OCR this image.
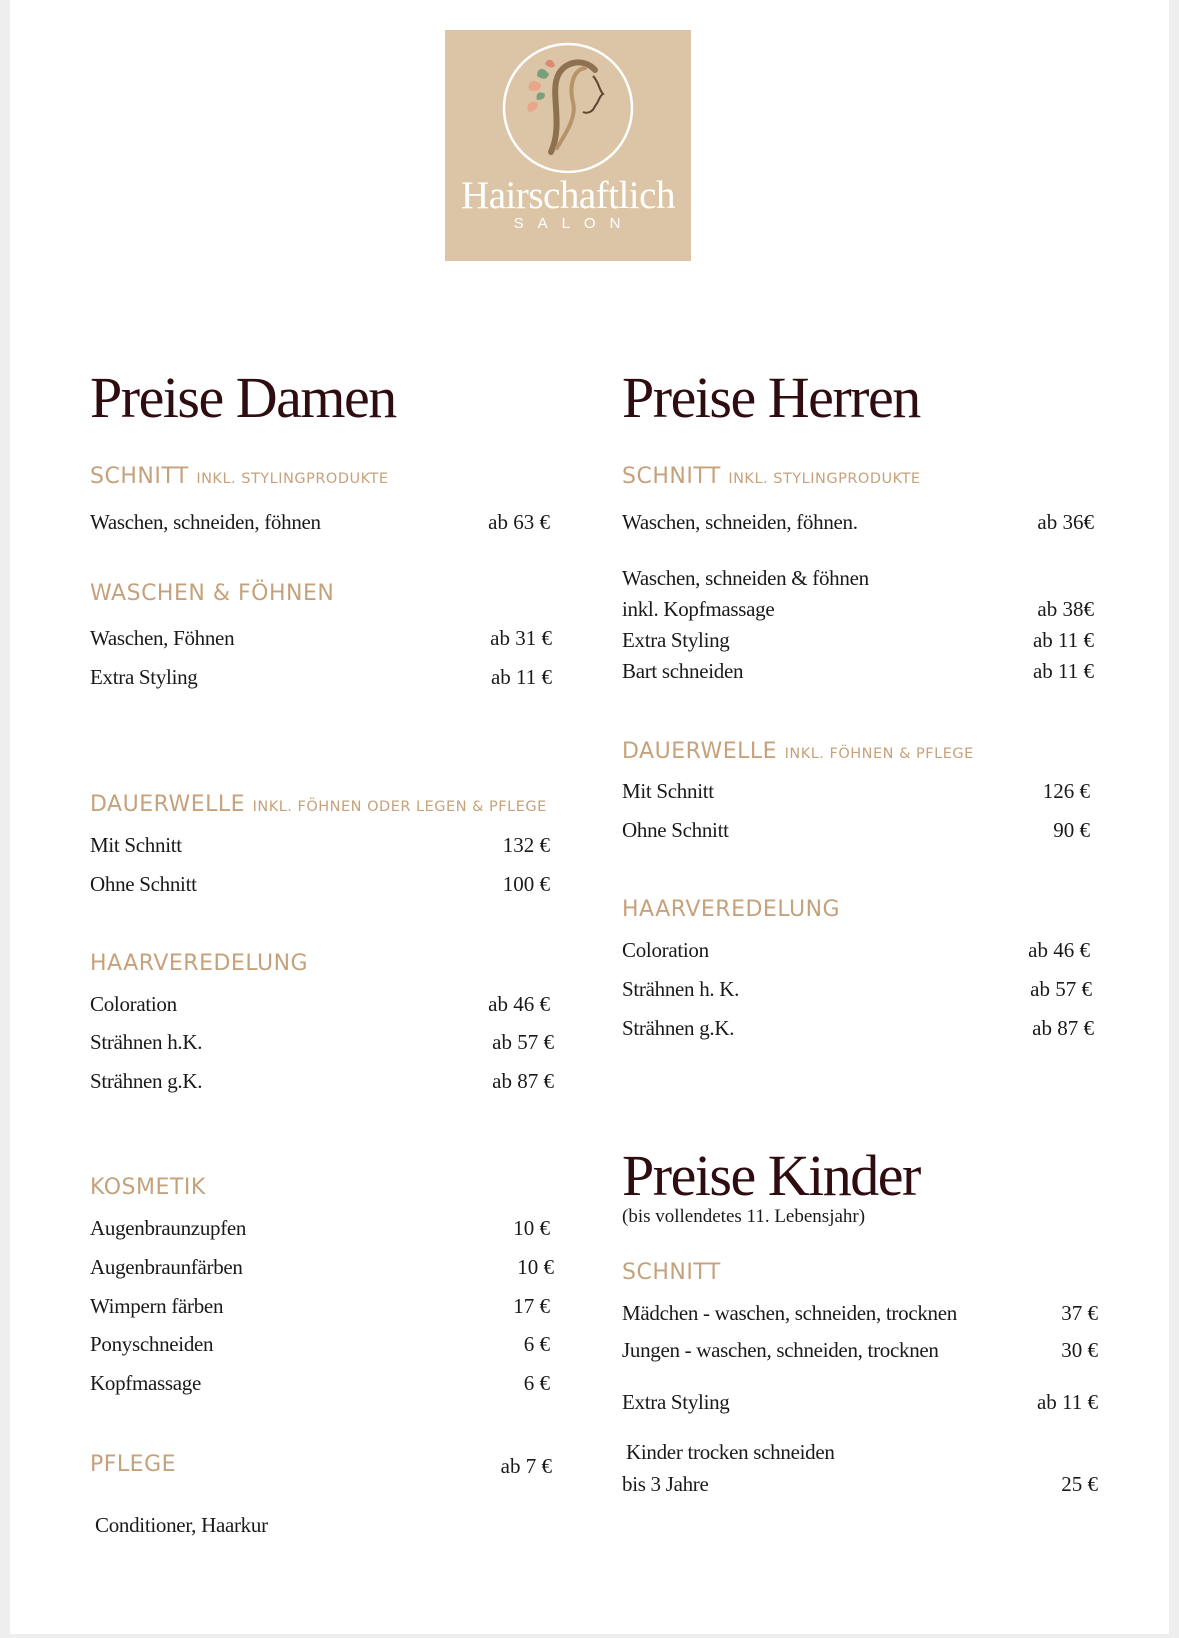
Hairschaftlich
SALON
Preise Damen
SCHNITT INKL. STYLINGPRODUKTE
Waschen, schneiden, föhnen	ab 63 €
WASCHEN & FÖHNEN
Waschen, Föhnen	ab 31 €
Extra Styling	ab 11 €
DAUERWELLE INKL. FÖHNEN ODER LEGEN & PFLEGE
Mit Schnitt	132 €
Ohne Schnitt	100 €
HAARVEREDELUNG
Coloration	ab 46 €
Strähnen h.K.	ab 57 €
Strähnen g.K.	ab 87 €
KOSMETIK
Augenbraunzupfen	10 €
Augenbraunfärben	10 €
Wimpern färben	17 €
Ponyschneiden	6 €
Kopfmassage	6 €
PFLEGE	ab 7 €
Conditioner, Haarkur
Preise Herren
SCHNITT INKL. STYLINGPRODUKTE
Waschen, schneiden, föhnen.	ab 36€
Waschen, schneiden & föhnen
inkl. Kopfmassage	ab 38€
Extra Styling	ab 11 €
Bart schneiden	ab 11 €
DAUERWELLE INKL. FÖHNEN & PFLEGE
Mit Schnitt	126 €
Ohne Schnitt	90 €
HAARVEREDELUNG
Coloration	ab 46 €
Strähnen h. K.	ab 57 €
Strähnen g.K.	ab 87 €
Preise Kinder
(bis vollendetes 11. Lebensjahr)
SCHNITT
Mädchen - waschen, schneiden, trocknen	37 €
Jungen - waschen, schneiden, trocknen	30 €
Extra Styling	ab 11 €
Kinder trocken schneiden
bis 3 Jahre	25 €
